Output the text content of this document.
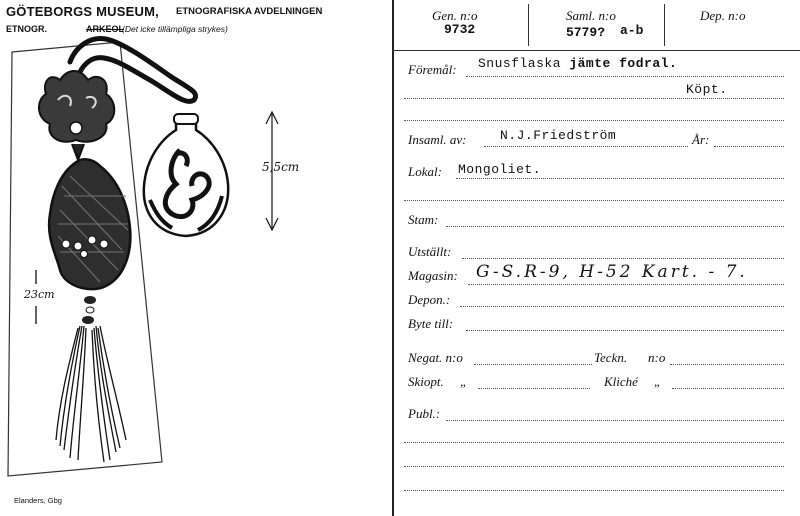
GÖTEBORGS MUSEUM, ETNOGRAFISKA AVDELNINGEN
ETNOGR.	ARKEOL
(Det icke tillämpliga strykes)
5,5cm
23cm
Elanders, Gbg
Gen. n:o
9732
Saml. n:o
5779? a-b
Dep. n:o
Föremål: Snusflaska jämte fodral.
Köpt.
Insaml. av:	N.J.Friedström	År:
Lokal: Mongoliet.
Stam:
Utställt:
Magasin: G-S.R-9, H-52 Kart. - 7.
Depon.:
Byte till:
Negat. n:o	Teckn. n:o
Skiopt. „	Kliché „
Publ.:
